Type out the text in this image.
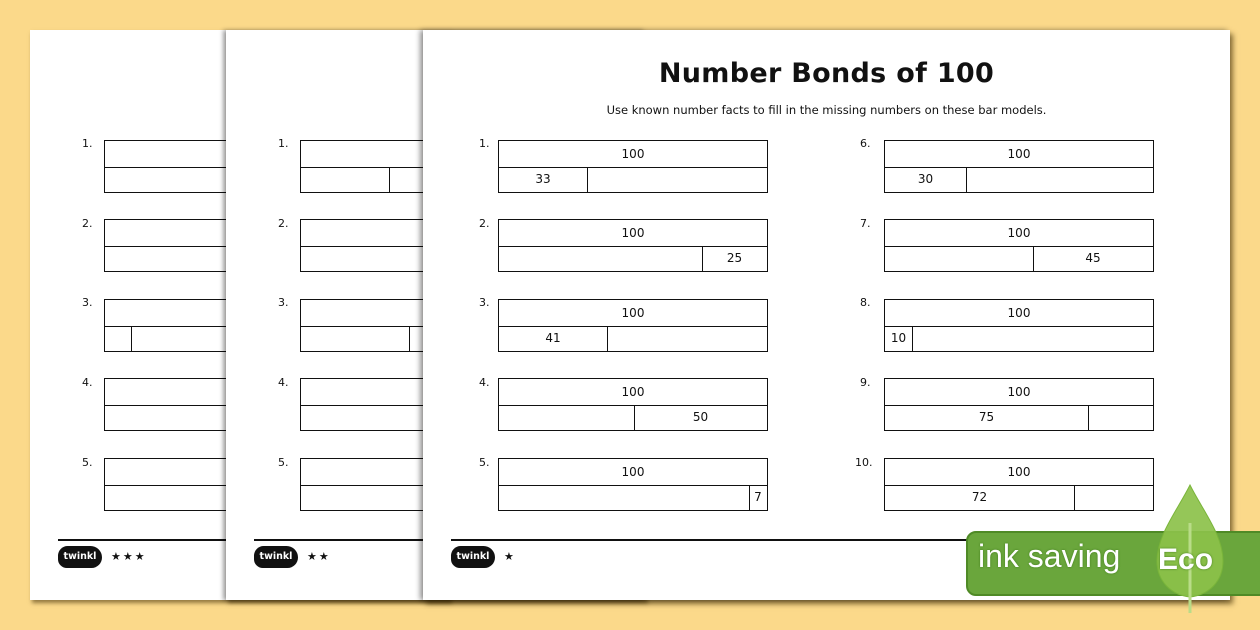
1.
2.
3.
4.
5.
twinkl	★★★
1.
2.
3.
4.
5.
twinkl	★★
Number Bonds of 100
Use known number facts to fill in the missing numbers on these bar models.
1.
100
33
2.
100
25
3.
100
41
4.
100
50
5.
100
7
6.
100
30
7.
100
45
8.
100
10
9.
100
75
10.
100
72
twinkl	★	ink saving Eco
